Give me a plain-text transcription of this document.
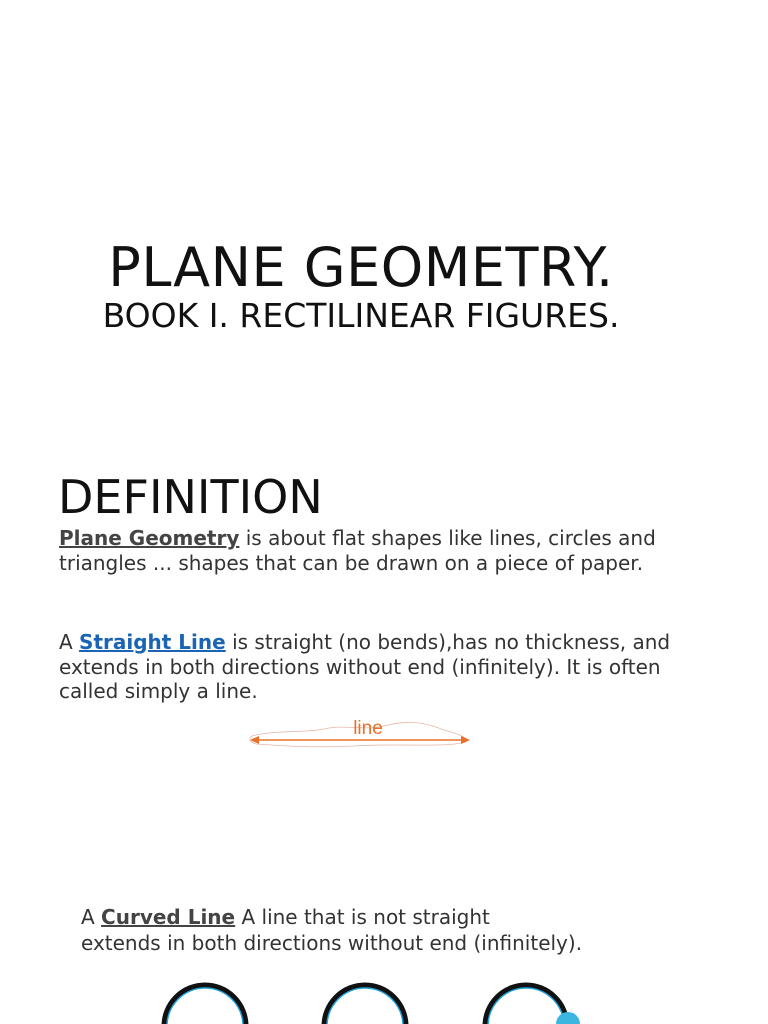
PLANE GEOMETRY.
BOOK I. RECTILINEAR FIGURES.
DEFINITION

Plane Geometry is about flat shapes like lines, circles and triangles ... shapes that can be drawn on a piece of paper.

A Straight Line is straight (no bends),has no thickness, and extends in both directions without end (infinitely). It is often called simply a line.

line

A Curved Line A line that is not straight
extends in both directions without end (infinitely).
